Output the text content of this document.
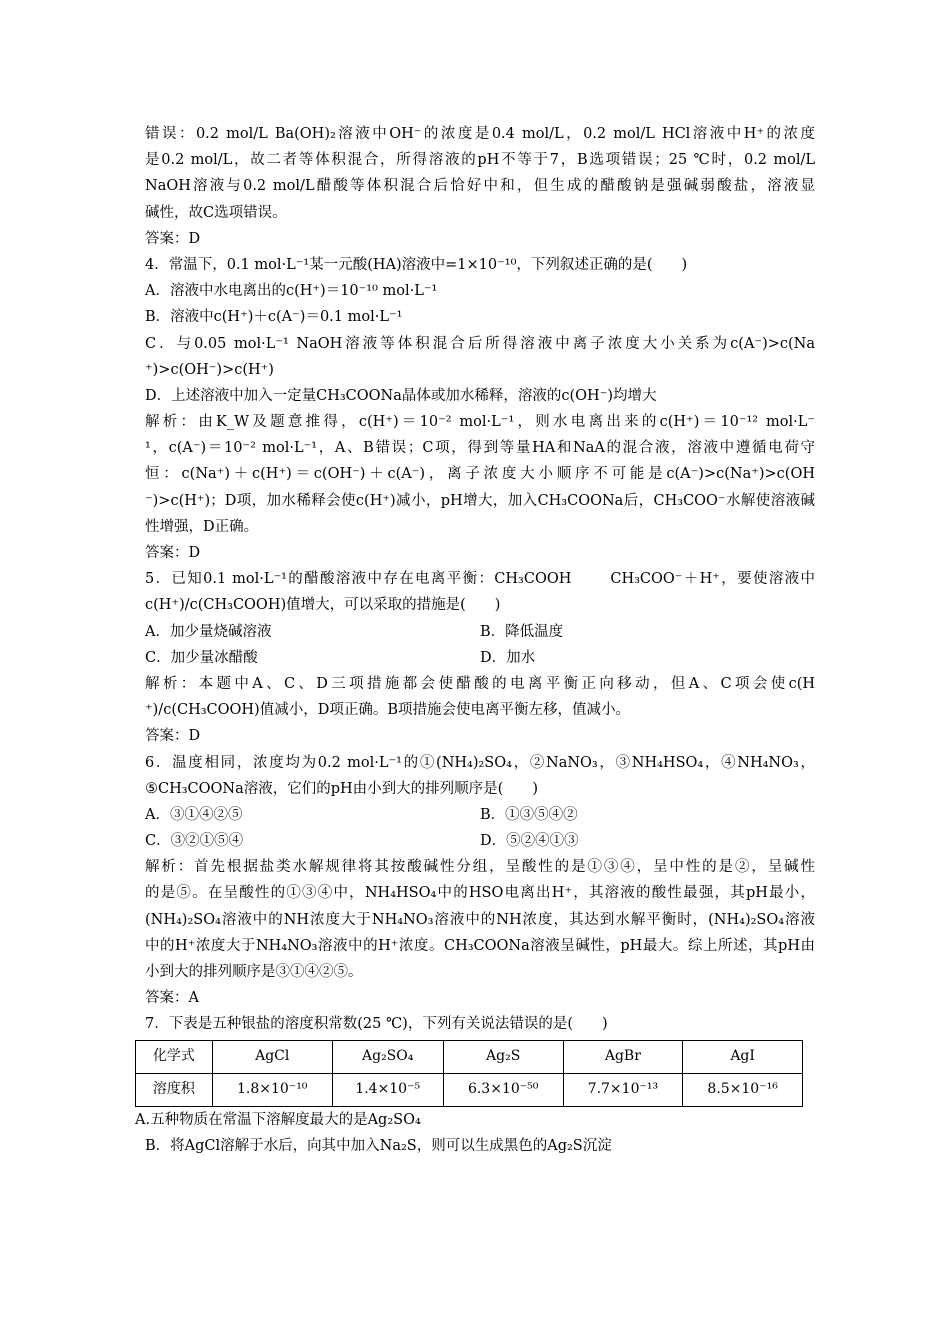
错误：0.2 mol/L Ba(OH)₂溶液中OH⁻的浓度是0.4 mol/L，0.2 mol/L HCl溶液中H⁺的浓度
是0.2 mol/L，故二者等体积混合，所得溶液的pH不等于7，B选项错误；25 ℃时，0.2 mol/L
NaOH溶液与0.2 mol/L醋酸等体积混合后恰好中和，但生成的醋酸钠是强碱弱酸盐，溶液显
碱性，故C选项错误。
答案：D
4．常温下，0.1 mol·L⁻¹某一元酸(HA)溶液中=1×10⁻¹⁰，下列叙述正确的是(　　)
A．溶液中水电离出的c(H⁺)＝10⁻¹⁰ mol·L⁻¹
B．溶液中c(H⁺)＋c(A⁻)＝0.1 mol·L⁻¹
C．与0.05 mol·L⁻¹ NaOH溶液等体积混合后所得溶液中离子浓度大小关系为c(A⁻)>c(Na
⁺)>c(OH⁻)>c(H⁺)
D．上述溶液中加入一定量CH₃COONa晶体或加水稀释，溶液的c(OH⁻)均增大
解析：由K_W及题意推得，c(H⁺)＝10⁻² mol·L⁻¹，则水电离出来的c(H⁺)＝10⁻¹² mol·L⁻
¹，c(A⁻)＝10⁻² mol·L⁻¹，A、B错误；C项，得到等量HA和NaA的混合液，溶液中遵循电荷守
恒：c(Na⁺)＋c(H⁺)＝c(OH⁻)＋c(A⁻)，离子浓度大小顺序不可能是c(A⁻)>c(Na⁺)>c(OH
⁻)>c(H⁺)；D项，加水稀释会使c(H⁺)减小，pH增大，加入CH₃COONa后，CH₃COO⁻水解使溶液碱
性增强，D正确。
答案：D
5．已知0.1 mol·L⁻¹的醋酸溶液中存在电离平衡：CH₃COOH　　 CH₃COO⁻＋H⁺，要使溶液中
c(H⁺)/c(CH₃COOH)值增大，可以采取的措施是(　　)
A．加少量烧碱溶液	B．降低温度
C．加少量冰醋酸	D．加水
解析：本题中A、C、D三项措施都会使醋酸的电离平衡正向移动，但A、C项会使c(H
⁺)/c(CH₃COOH)值减小，D项正确。B项措施会使电离平衡左移，值减小。
答案：D
6．温度相同，浓度均为0.2 mol·L⁻¹的①(NH₄)₂SO₄，②NaNO₃，③NH₄HSO₄，④NH₄NO₃，
⑤CH₃COONa溶液，它们的pH由小到大的排列顺序是(　　)
A．③①④②⑤	B．①③⑤④②
C．③②①⑤④	D．⑤②④①③
解析：首先根据盐类水解规律将其按酸碱性分组，呈酸性的是①③④，呈中性的是②，呈碱性
的是⑤。在呈酸性的①③④中，NH₄HSO₄中的HSO电离出H⁺，其溶液的酸性最强，其pH最小，
(NH₄)₂SO₄溶液中的NH浓度大于NH₄NO₃溶液中的NH浓度，其达到水解平衡时，(NH₄)₂SO₄溶液
中的H⁺浓度大于NH₄NO₃溶液中的H⁺浓度。CH₃COONa溶液呈碱性，pH最大。综上所述，其pH由
小到大的排列顺序是③①④②⑤。
答案：A
7．下表是五种银盐的溶度积常数(25 ℃)，下列有关说法错误的是(　　)
化学式	AgCl	Ag₂SO₄	Ag₂S	AgBr	AgI
溶度积	1.8×10⁻¹⁰	1.4×10⁻⁵	6.3×10⁻⁵⁰	7.7×10⁻¹³	8.5×10⁻¹⁶
A.五种物质在常温下溶解度最大的是Ag₂SO₄
B．将AgCl溶解于水后，向其中加入Na₂S，则可以生成黑色的Ag₂S沉淀
